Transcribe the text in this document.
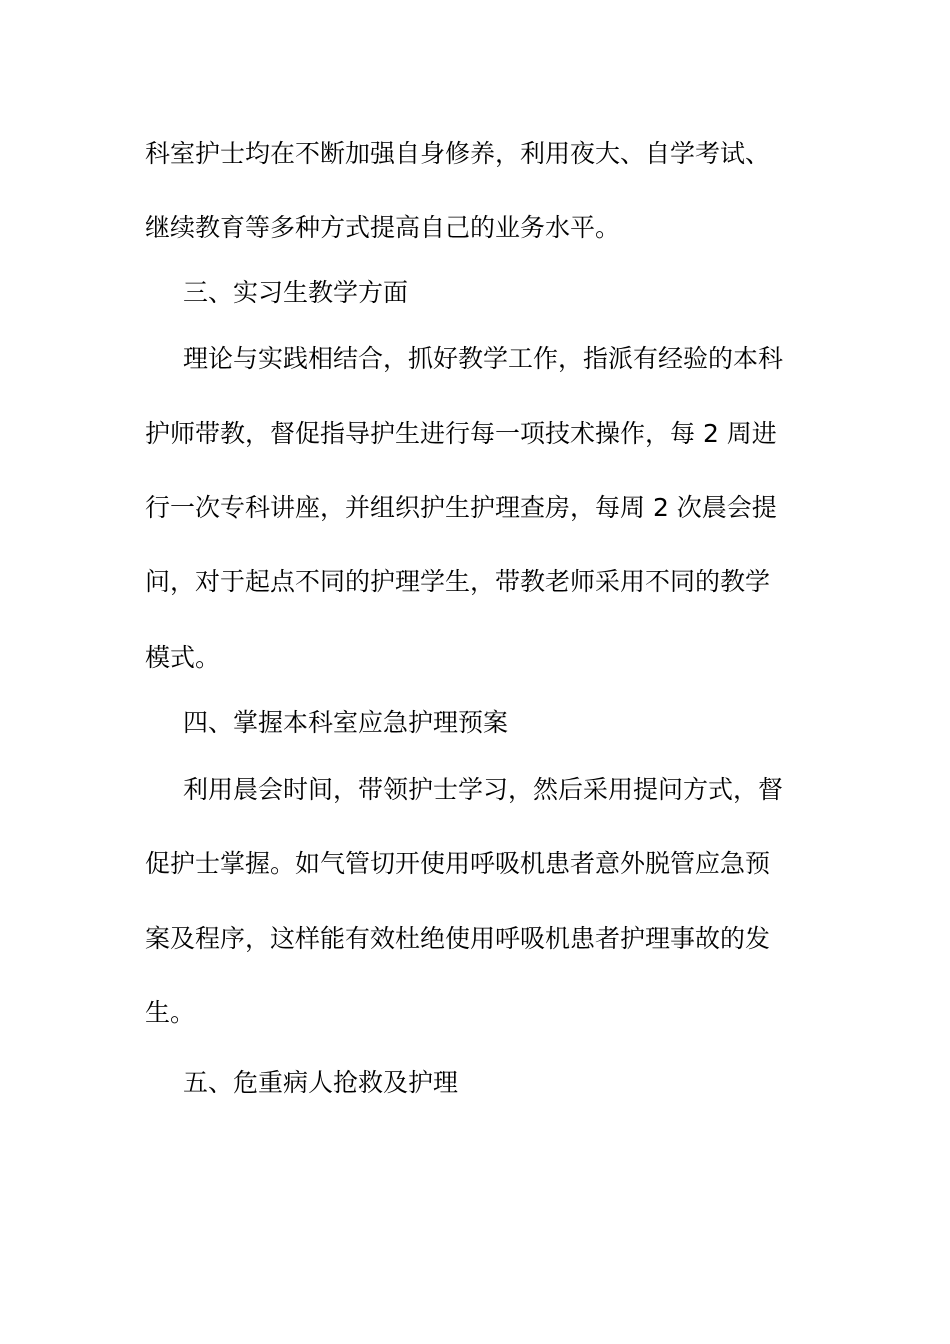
科室护士均在不断加强自身修养，利用夜大、自学考试、
继续教育等多种方式提高自己的业务水平。
三、实习生教学方面
理论与实践相结合，抓好教学工作，指派有经验的本科
护师带教，督促指导护生进行每一项技术操作，每 2 周进
行一次专科讲座，并组织护生护理查房，每周 2 次晨会提
问，对于起点不同的护理学生，带教老师采用不同的教学
模式。
四、掌握本科室应急护理预案
利用晨会时间，带领护士学习，然后采用提问方式，督
促护士掌握。如气管切开使用呼吸机患者意外脱管应急预
案及程序，这样能有效杜绝使用呼吸机患者护理事故的发
生。
五、危重病人抢救及护理
